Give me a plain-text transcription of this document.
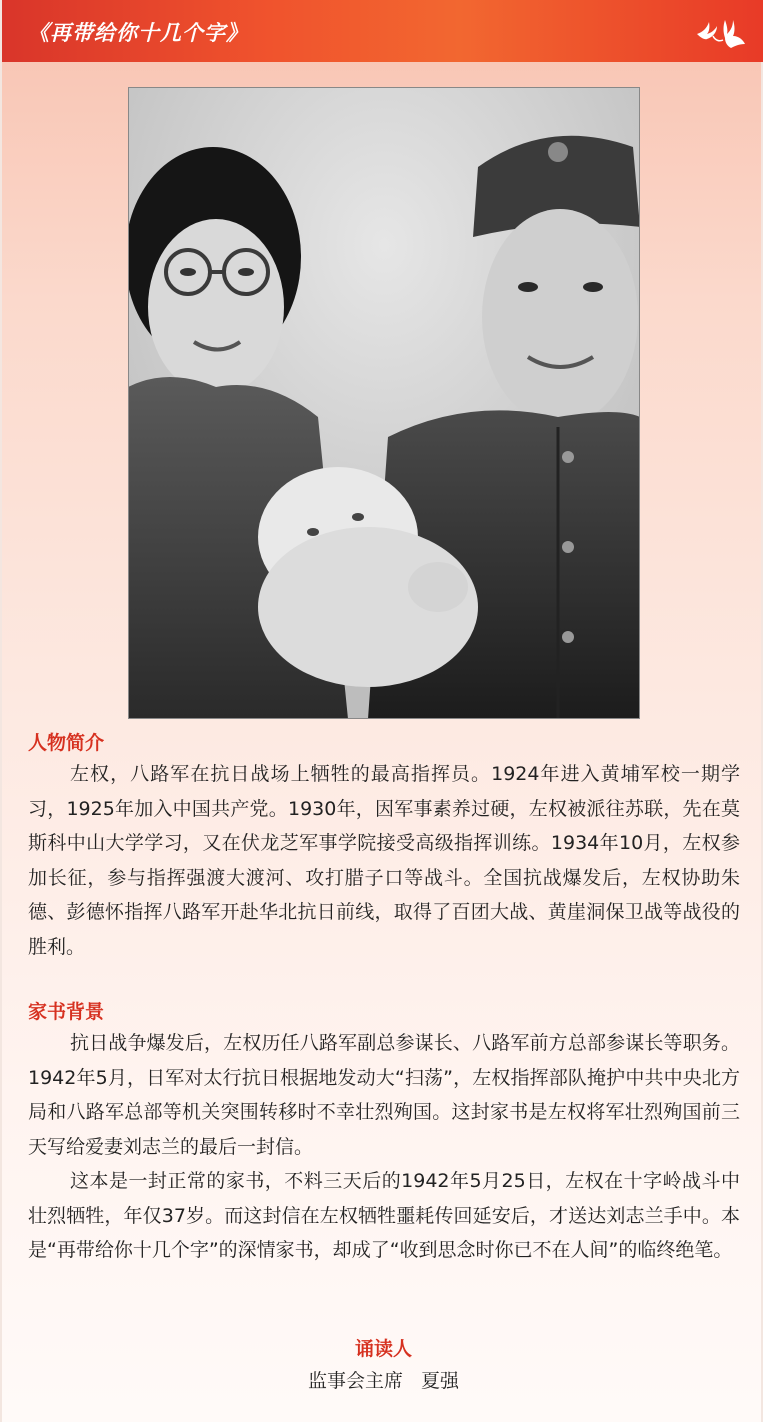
《再带给你十几个字》
人物简介

左权，八路军在抗日战场上牺牲的最高指挥员。1924年进入黄埔军校一期学习，1925年加入中国共产党。1930年，因军事素养过硬，左权被派往苏联，先在莫斯科中山大学学习，又在伏龙芝军事学院接受高级指挥训练。1934年10月，左权参加长征，参与指挥强渡大渡河、攻打腊子口等战斗。全国抗战爆发后，左权协助朱德、彭德怀指挥八路军开赴华北抗日前线，取得了百团大战、黄崖洞保卫战等战役的胜利。

家书背景

抗日战争爆发后，左权历任八路军副总参谋长、八路军前方总部参谋长等职务。1942年5月，日军对太行抗日根据地发动大“扫荡”，左权指挥部队掩护中共中央北方局和八路军总部等机关突围转移时不幸壮烈殉国。这封家书是左权将军壮烈殉国前三天写给爱妻刘志兰的最后一封信。

这本是一封正常的家书，不料三天后的1942年5月25日，左权在十字岭战斗中壮烈牺牲，年仅37岁。而这封信在左权牺牲噩耗传回延安后，才送达刘志兰手中。本是“再带给你十几个字”的深情家书，却成了“收到思念时你已不在人间”的临终绝笔。

诵读人
监事会主席   夏强
